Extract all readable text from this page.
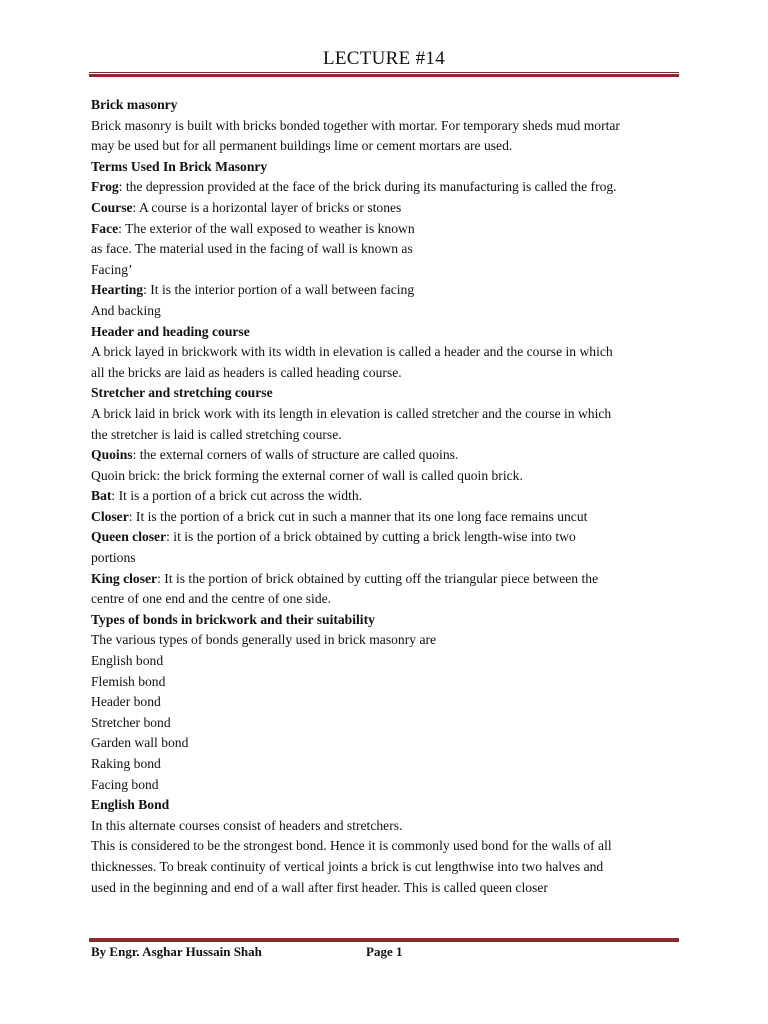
LECTURE #14

Brick masonry

Brick masonry is built with bricks bonded together with mortar. For temporary sheds mud mortar

may be used but for all permanent buildings lime or cement mortars are used.

Terms Used In Brick Masonry

Frog: the depression provided at the face of the brick during its manufacturing is called the frog.

Course: A course is a horizontal layer of bricks or stones

Face: The exterior of the wall exposed to weather is known

as face. The material used in the facing of wall is known as

Facing’

Hearting: It is the interior portion of a wall between facing

And backing

Header and heading course

A brick layed in brickwork with its width in elevation is called a header and the course in which

all the bricks are laid as headers is called heading course.

Stretcher and stretching course

A brick laid in brick work with its length in elevation is called stretcher and the course in which

the stretcher is laid is called stretching course.

Quoins: the external corners of walls of structure are called quoins.

Quoin brick: the brick forming the external corner of wall is called quoin brick.

Bat: It is a portion of a brick cut across the width.

Closer: It is the portion of a brick cut in such a manner that its one long face remains uncut

Queen closer: it is the portion of a brick obtained by cutting a brick length-wise into two

portions

King closer: It is the portion of brick obtained by cutting off the triangular piece between the

centre of one end and the centre of one side.

Types of bonds in brickwork and their suitability

The various types of bonds generally used in brick masonry are

English bond

Flemish bond

Header bond

Stretcher bond

Garden wall bond

Raking bond

Facing bond

English Bond

In this alternate courses consist of headers and stretchers.

This is considered to be the strongest bond. Hence it is commonly used bond for the walls of all

thicknesses. To break continuity of vertical joints a brick is cut lengthwise into two halves and

used in the beginning and end of a wall after first header. This is called queen closer

By Engr. Asghar Hussain Shah	Page 1
